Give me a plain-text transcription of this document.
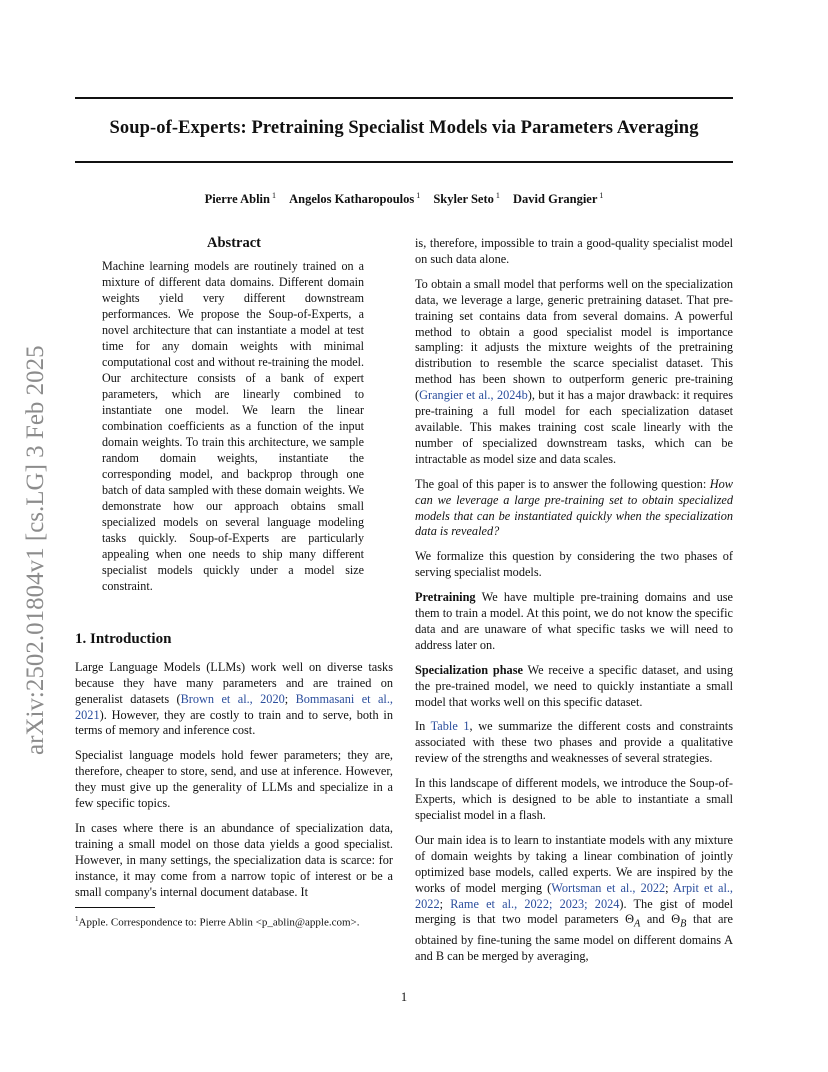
Soup-of-Experts: Pretraining Specialist Models via Parameters Averaging
Pierre Ablin $^1$ Angelos Katharopoulos $^1$ Skyler Seto $^1$ David Grangier $^1$
arXiv:2502.01804v1 [cs.LG] 3 Feb 2025
Abstract
Machine learning models are routinely trained on a mixture of different data domains. Different domain weights yield very different downstream performances. We propose the Soup-of-Experts, a novel architecture that can instantiate a model at test time for any domain weights with minimal computational cost and without re-training the model. Our architecture consists of a bank of expert parameters, which are linearly combined to instantiate one model. We learn the linear combination coefficients as a function of the input domain weights. To train this architecture, we sample random domain weights, instantiate the corresponding model, and backprop through one batch of data sampled with these domain weights. We demonstrate how our approach obtains small specialized models on several language modeling tasks quickly. Soup-of-Experts are particularly appealing when one needs to ship many different specialist models quickly under a model size constraint.
1. Introduction

Large Language Models (LLMs) work well on diverse tasks because they have many parameters and are trained on generalist datasets (Brown et al., 2020; Bommasani et al., 2021). However, they are costly to train and to serve, both in terms of memory and inference cost.

Specialist language models hold fewer parameters; they are, therefore, cheaper to store, send, and use at inference. However, they must give up the generality of LLMs and specialize in a few specific topics.

In cases where there is an abundance of specialization data, training a small model on those data yields a good specialist. However, in many settings, the specialization data is scarce: for instance, it may come from a narrow topic of interest or be a small company's internal document database. It

$^1$Apple. Correspondence to: Pierre Ablin <p_ablin@apple.com>.

is, therefore, impossible to train a good-quality specialist model on such data alone.

To obtain a small model that performs well on the specialization data, we leverage a large, generic pretraining dataset. That pre-training set contains data from several domains. A powerful method to obtain a good specialist model is importance sampling: it adjusts the mixture weights of the pretraining distribution to resemble the scarce specialist dataset. This method has been shown to outperform generic pre-training (Grangier et al., 2024b), but it has a major drawback: it requires pre-training a full model for each specialization dataset available. This makes training cost scale linearly with the number of specialized downstream tasks, which can be intractable as model size and data scales.

The goal of this paper is to answer the following question: How can we leverage a large pre-training set to obtain specialized models that can be instantiated quickly when the specialization data is revealed?

We formalize this question by considering the two phases of serving specialist models.

Pretraining We have multiple pre-training domains and use them to train a model. At this point, we do not know the specific data and are unaware of what specific tasks we will need to address later on.

Specialization phase We receive a specific dataset, and using the pre-trained model, we need to quickly instantiate a small model that works well on this specific dataset.

In Table 1, we summarize the different costs and constraints associated with these two phases and provide a qualitative review of the strengths and weaknesses of several strategies.

In this landscape of different models, we introduce the Soup-of-Experts, which is designed to be able to instantiate a small specialist model in a flash.

Our main idea is to learn to instantiate models with any mixture of domain weights by taking a linear combination of jointly optimized base models, called experts. We are inspired by the works of model merging (Wortsman et al., 2022; Arpit et al., 2022; Rame et al., 2022; 2023; 2024). The gist of model merging is that two model parameters $\Theta_A$ and $\Theta_B$ that are obtained by fine-tuning the same model on different domains A and B can be merged by averaging,

1
